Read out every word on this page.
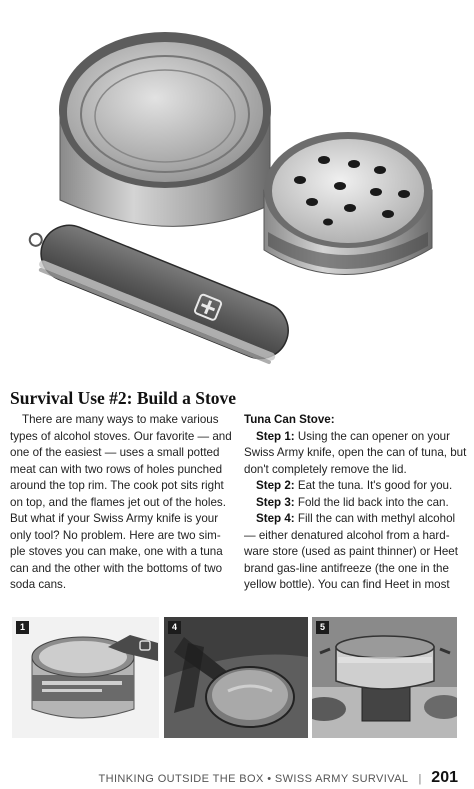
Survival Use #2: Build a Stove
There are many ways to make various
types of alcohol stoves. Our favorite — and
one of the easiest — uses a small potted
meat can with two rows of holes punched
around the top rim. The cook pot sits right
on top, and the flames jet out of the holes.
But what if your Swiss Army knife is your
only tool? No problem. Here are two sim-
ple stoves you can make, one with a tuna
can and the other with the bottoms of two
soda cans.
Tuna Can Stove:
Step 1: Using the can opener on your
Swiss Army knife, open the can of tuna, but
don't completely remove the lid.
Step 2: Eat the tuna. It's good for you.
Step 3: Fold the lid back into the can.
Step 4: Fill the can with methyl alcohol
— either denatured alcohol from a hard-
ware store (used as paint thinner) or Heet
brand gas-line antifreeze (the one in the
yellow bottle). You can find Heet in most
1	4	5
THINKING OUTSIDE THE BOX • SWISS ARMY SURVIVAL | 201
